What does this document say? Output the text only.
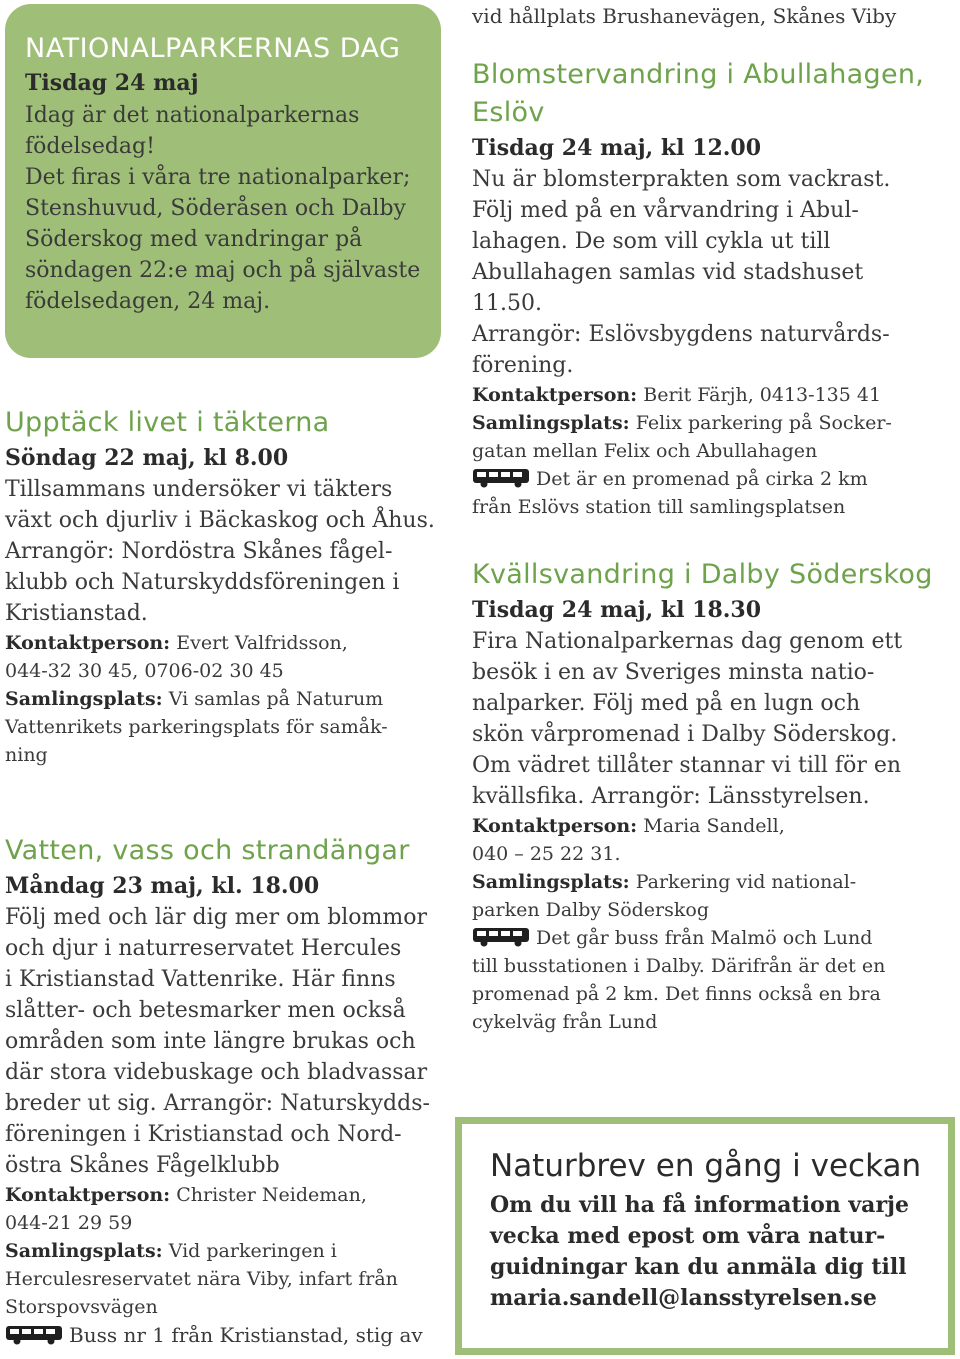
NATIONALPARKERNAS DAG

Tisdag 24 maj

Idag är det nationalparkernas
födelsedag!
Det firas i våra tre nationalparker;
Stenshuvud, Söderåsen och Dalby
Söderskog med vandringar på
söndagen 22:e maj och på självaste
födelsedagen, 24 maj.

Upptäck livet i täkterna

Söndag 22 maj, kl 8.00

Tillsammans undersöker vi täkters
växt och djurliv i Bäckaskog och Åhus.
Arrangör: Nordöstra Skånes fågel-
klubb och Naturskyddsföreningen i
Kristianstad.

Kontaktperson: Evert Valfridsson,
044-32 30 45, 0706-02 30 45

Samlingsplats: Vi samlas på Naturum
Vattenrikets parkeringsplats för samåk-
ning

Vatten, vass och strandängar

Måndag 23 maj, kl. 18.00

Följ med och lär dig mer om blommor
och djur i naturreservatet Hercules
i Kristianstad Vattenrike. Här finns
slåtter- och betesmarker men också
områden som inte längre brukas och
där stora videbuskage och bladvassar
breder ut sig. Arrangör: Naturskydds-
föreningen i Kristianstad och Nord-
östra Skånes Fågelklubb

Kontaktperson: Christer Neideman,
044-21 29 59

Samlingsplats: Vid parkeringen i
Herculesreservatet nära Viby, infart från
Storspovsvägen

Buss nr 1 från Kristianstad, stig av

vid hållplats Brushanevägen, Skånes Viby

Blomstervandring i Abullahagen,
Eslöv

Tisdag 24 maj, kl 12.00

Nu är blomsterprakten som vackrast.
Följ med på en vårvandring i Abul-
lahagen. De som vill cykla ut till
Abullahagen samlas vid stadshuset
11.50.
Arrangör: Eslövsbygdens naturvårds-
förening.

Kontaktperson: Berit Färjh, 0413-135 41

Samlingsplats: Felix parkering på Socker-
gatan mellan Felix och Abullahagen

Det är en promenad på cirka 2 km
från Eslövs station till samlingsplatsen

Kvällsvandring i Dalby Söderskog

Tisdag 24 maj, kl 18.30

Fira Nationalparkernas dag genom ett
besök i en av Sveriges minsta natio-
nalparker. Följ med på en lugn och
skön vårpromenad i Dalby Söderskog.
Om vädret tillåter stannar vi till för en
kvällsfika. Arrangör: Länsstyrelsen.

Kontaktperson: Maria Sandell,
040 – 25 22 31.

Samlingsplats: Parkering vid national-
parken Dalby Söderskog

Det går buss från Malmö och Lund
till busstationen i Dalby. Därifrån är det en
promenad på 2 km. Det finns också en bra
cykelväg från Lund

Naturbrev en gång i veckan

Om du vill ha få information varje
vecka med epost om våra natur-
guidningar kan du anmäla dig till
maria.sandell@lansstyrelsen.se
